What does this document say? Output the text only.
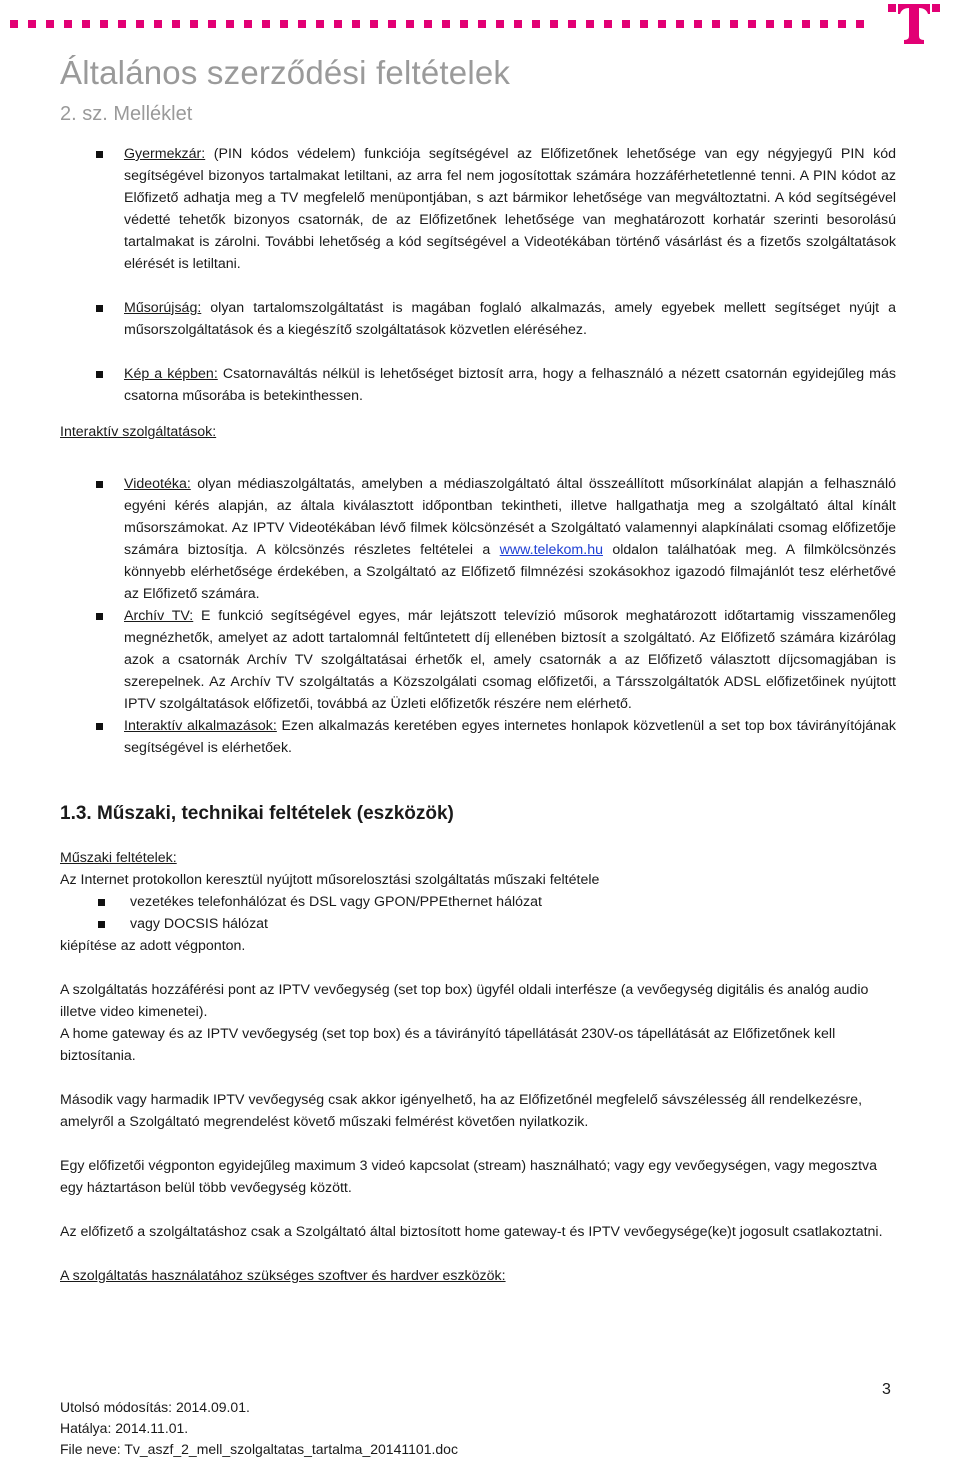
Általános szerződési feltételek
2. sz. Melléklet

Gyermekzár: (PIN kódos védelem) funkciója segítségével az Előfizetőnek lehetősége van egy négyjegyű PIN kód segítségével bizonyos tartalmakat letiltani, az arra fel nem jogosítottak számára hozzáférhetetlenné tenni. A PIN kódot az Előfizető adhatja meg a TV megfelelő menüpontjában, s azt bármikor lehetősége van megváltoztatni. A kód segítségével védetté tehetők bizonyos csatornák, de az Előfizetőnek lehetősége van meghatározott korhatár szerinti besorolású tartalmakat is zárolni. További lehetőség a kód segítségével a Videotékában történő vásárlást és a fizetős szolgáltatások elérését is letiltani.

Műsorújság: olyan tartalomszolgáltatást is magában foglaló alkalmazás, amely egyebek mellett segítséget nyújt a műsorszolgáltatások és a kiegészítő szolgáltatások közvetlen eléréséhez.

Kép a képben: Csatornaváltás nélkül is lehetőséget biztosít arra, hogy a felhasználó a nézett csatornán egyidejűleg más csatorna műsorába is betekinthessen.

Interaktív szolgáltatások:

Videotéka: olyan médiaszolgáltatás, amelyben a médiaszolgáltató által összeállított műsorkínálat alapján a felhasználó egyéni kérés alapján, az általa kiválasztott időpontban tekintheti, illetve hallgathatja meg a szolgáltató által kínált műsorszámokat. Az IPTV Videotékában lévő filmek kölcsönzését a Szolgáltató valamennyi alapkínálati csomag előfizetője számára biztosítja. A kölcsönzés részletes feltételei a www.telekom.hu oldalon találhatóak meg. A filmkölcsönzés könnyebb elérhetősége érdekében, a Szolgáltató az Előfizető filmnézési szokásokhoz igazodó filmajánlót tesz elérhetővé az Előfizető számára.

Archív TV: E funkció segítségével egyes, már lejátszott televízió műsorok meghatározott időtartamig visszamenőleg megnézhetők, amelyet az adott tartalomnál feltűntetett díj ellenében biztosít a szolgáltató. Az Előfizető számára kizárólag azok a csatornák Archív TV szolgáltatásai érhetők el, amely csatornák a az Előfizető választott díjcsomagjában is szerepelnek. Az Archív TV szolgáltatás a Közszolgálati csomag előfizetői, a Társszolgáltatók ADSL előfizetőinek nyújtott IPTV szolgáltatások előfizetői, továbbá az Üzleti előfizetők részére nem elérhető.

Interaktív alkalmazások: Ezen alkalmazás keretében egyes internetes honlapok közvetlenül a set top box távirányítójának segítségével is elérhetőek.

1.3. Műszaki, technikai feltételek (eszközök)

Műszaki feltételek:

Az Internet protokollon keresztül nyújtott műsorelosztási szolgáltatás műszaki feltétele

vezetékes telefonhálózat és DSL vagy GPON/PPEthernet hálózat

vagy DOCSIS hálózat

kiépítése az adott végponton.

A szolgáltatás hozzáférési pont az IPTV vevőegység (set top box) ügyfél oldali interfésze (a vevőegység digitális és analóg audio illetve video kimenetei).

A home gateway és az IPTV vevőegység (set top box) és a távirányító tápellátását 230V-os tápellátását az Előfizetőnek kell biztosítania.

Második vagy harmadik IPTV vevőegység csak akkor igényelhető, ha az Előfizetőnél megfelelő sávszélesség áll rendelkezésre, amelyről a Szolgáltató megrendelést követő műszaki felmérést követően nyilatkozik.

Egy előfizetői végponton egyidejűleg maximum 3 videó kapcsolat (stream) használható; vagy egy vevőegységen, vagy megosztva egy háztartáson belül több vevőegység között.

Az előfizető a szolgáltatáshoz csak a Szolgáltató által biztosított home gateway-t és IPTV vevőegysége(ke)t jogosult csatlakoztatni.

A szolgáltatás használatához szükséges szoftver és hardver eszközök:

3
Utolsó módosítás: 2014.09.01.
Hatálya: 2014.11.01.
File neve: Tv_aszf_2_mell_szolgaltatas_tartalma_20141101.doc
